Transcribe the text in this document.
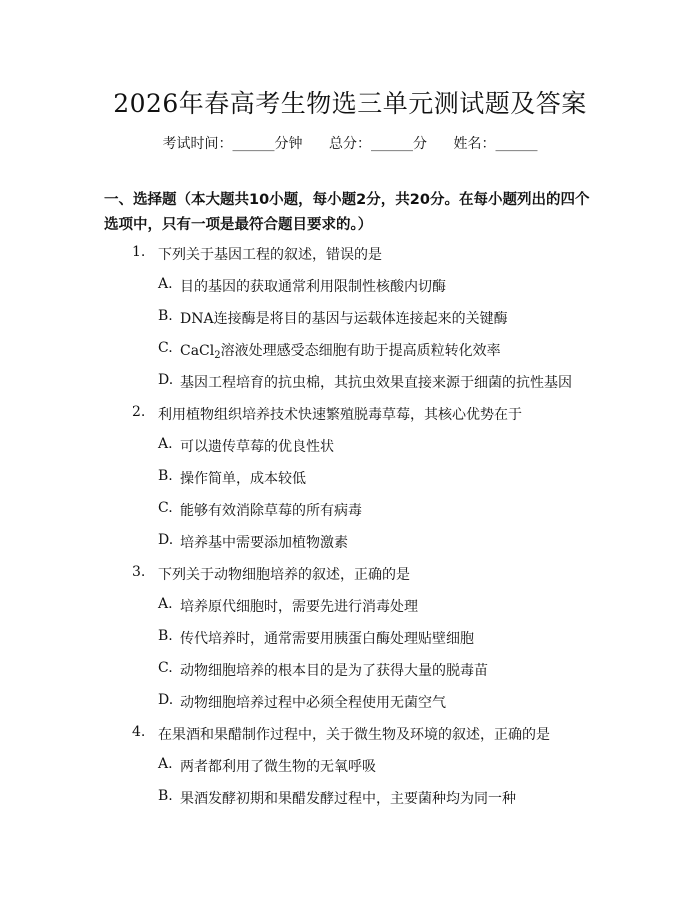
2026年春高考生物选三单元测试题及答案
考试时间：______分钟 总分：______分 姓名：______
一、选择题（本大题共10小题，每小题2分，共20分。在每小题列出的四个选项中，只有一项是最符合题目要求的。）
1. 下列关于基因工程的叙述，错误的是
A. 目的基因的获取通常利用限制性核酸内切酶
B. DNA连接酶是将目的基因与运载体连接起来的关键酶
C. CaCl$_2$溶液处理感受态细胞有助于提高质粒转化效率
D. 基因工程培育的抗虫棉，其抗虫效果直接来源于细菌的抗性基因
2. 利用植物组织培养技术快速繁殖脱毒草莓，其核心优势在于
A. 可以遗传草莓的优良性状
B. 操作简单，成本较低
C. 能够有效消除草莓的所有病毒
D. 培养基中需要添加植物激素
3. 下列关于动物细胞培养的叙述，正确的是
A. 培养原代细胞时，需要先进行消毒处理
B. 传代培养时，通常需要用胰蛋白酶处理贴壁细胞
C. 动物细胞培养的根本目的是为了获得大量的脱毒苗
D. 动物细胞培养过程中必须全程使用无菌空气
4. 在果酒和果醋制作过程中，关于微生物及环境的叙述，正确的是
A. 两者都利用了微生物的无氧呼吸
B. 果酒发酵初期和果醋发酵过程中，主要菌种均为同一种
